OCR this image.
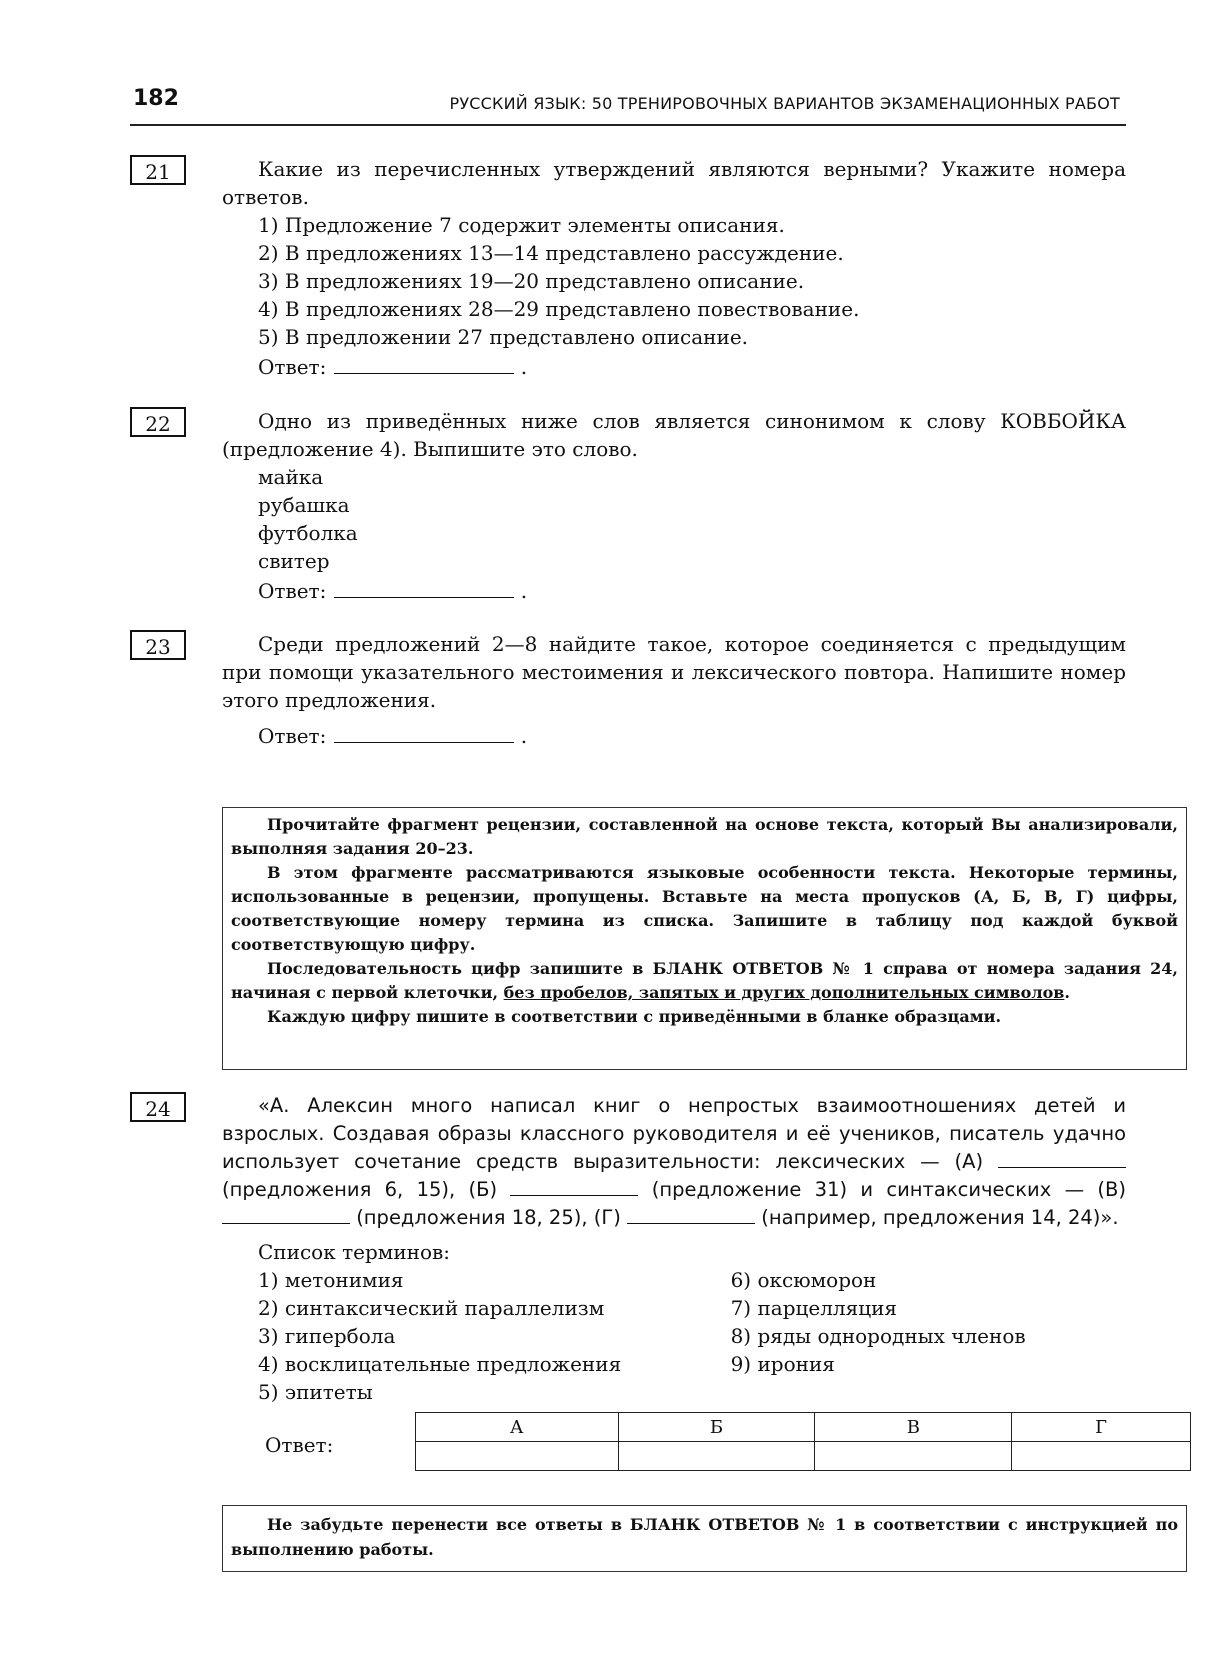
182	РУССКИЙ ЯЗЫК: 50 ТРЕНИРОВОЧНЫХ ВАРИАНТОВ ЭКЗАМЕНАЦИОННЫХ РАБОТ
21	Какие из перечисленных утверждений являются верными? Укажите номера ответов.
1) Предложение 7 содержит элементы описания.
2) В предложениях 13—14 представлено рассуждение.
3) В предложениях 19—20 представлено описание.
4) В предложениях 28—29 представлено повествование.
5) В предложении 27 представлено описание.
Ответ:	.
22	Одно из приведённых ниже слов является синонимом к слову КОВБОЙКА (предложение 4). Выпишите это слово.
майка
рубашка
футболка
свитер
Ответ:	.
23	Среди предложений 2—8 найдите такое, которое соединяется с предыдущим при помощи указательного местоимения и лексического повтора. Напишите номер этого предложения.
Ответ:	.

Прочитайте фрагмент рецензии, составленной на основе текста, который Вы анализировали, выполняя задания 20–23.

В этом фрагменте рассматриваются языковые особенности текста. Некоторые термины, использованные в рецензии, пропущены. Вставьте на места пропусков (А, Б, В, Г) цифры, соответствующие номеру термина из списка. Запишите в таблицу под каждой буквой соответствующую цифру.

Последовательность цифр запишите в БЛАНК ОТВЕТОВ № 1 справа от номера задания 24, начиная с первой клеточки, без пробелов, запятых и других дополнительных символов.

Каждую цифру пишите в соответствии с приведёнными в бланке образцами.

24	«А. Алексин много написал книг о непростых взаимоотношениях детей и взрослых. Создавая образы классного руководителя и её учеников, писатель удачно использует сочетание средств выразительности: лексических — (А)  (предложения 6, 15), (Б)	(предложение 31) и синтаксических — (В)  (предложения 18, 25), (Г)	(например, предложения 14, 24)».
Список терминов:
1) метонимия
2) синтаксический параллелизм
3) гипербола
4) восклицательные предложения
5) эпитеты
6) оксюморон
7) парцелляция
8) ряды однородных членов
9) ирония
Ответ:
А	Б	В	Г

Не забудьте перенести все ответы в БЛАНК ОТВЕТОВ № 1 в соответствии с инструкцией по выполнению работы.
